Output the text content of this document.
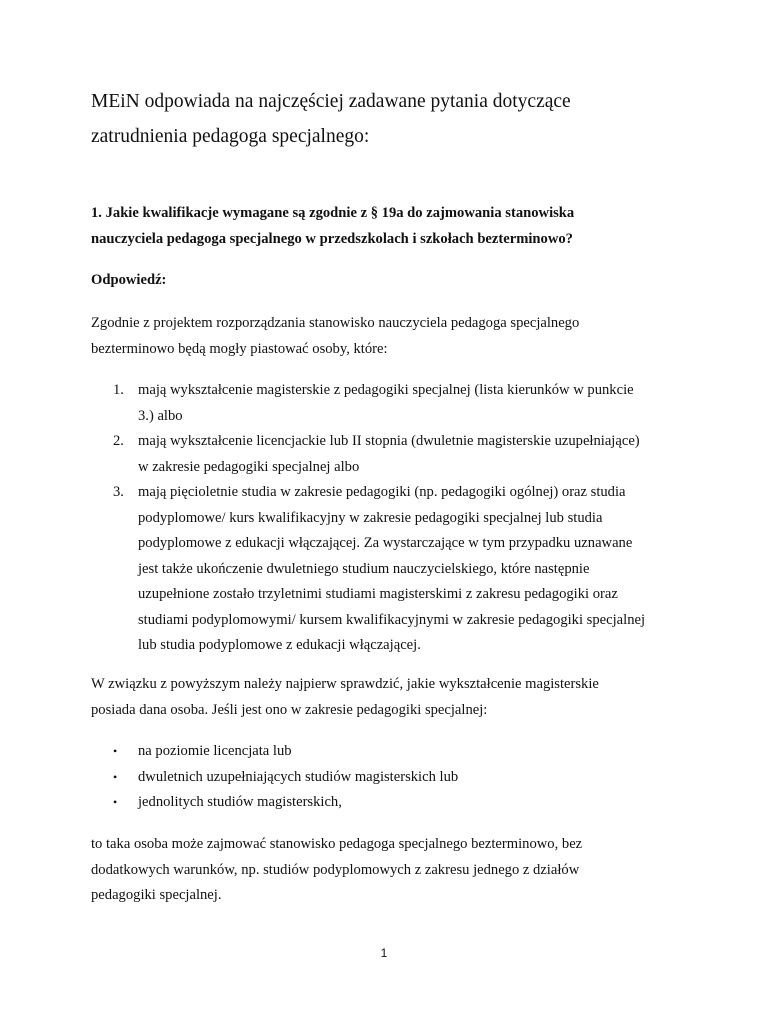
MEiN odpowiada na najczęściej zadawane pytania dotyczące
zatrudnienia pedagoga specjalnego:

1. Jakie kwalifikacje wymagane są zgodnie z § 19a do zajmowania stanowiska
nauczyciela pedagoga specjalnego w przedszkolach i szkołach bezterminowo?

Odpowiedź:

Zgodnie z projektem rozporządzania stanowisko nauczyciela pedagoga specjalnego
bezterminowo będą mogły piastować osoby, które:

1. mają wykształcenie magisterskie z pedagogiki specjalnej (lista kierunków w punkcie
3.) albo
2. mają wykształcenie licencjackie lub II stopnia (dwuletnie magisterskie uzupełniające)
w zakresie pedagogiki specjalnej albo
3. mają pięcioletnie studia w zakresie pedagogiki (np. pedagogiki ogólnej) oraz studia
podyplomowe/ kurs kwalifikacyjny w zakresie pedagogiki specjalnej lub studia
podyplomowe z edukacji włączającej. Za wystarczające w tym przypadku uznawane
jest także ukończenie dwuletniego studium nauczycielskiego, które następnie
uzupełnione zostało trzyletnimi studiami magisterskimi z zakresu pedagogiki oraz
studiami podyplomowymi/ kursem kwalifikacyjnymi w zakresie pedagogiki specjalnej
lub studia podyplomowe z edukacji włączającej.

W związku z powyższym należy najpierw sprawdzić, jakie wykształcenie magisterskie
posiada dana osoba. Jeśli jest ono w zakresie pedagogiki specjalnej:

• na poziomie licencjata lub
• dwuletnich uzupełniających studiów magisterskich lub
• jednolitych studiów magisterskich,

to taka osoba może zajmować stanowisko pedagoga specjalnego bezterminowo, bez
dodatkowych warunków, np. studiów podyplomowych z zakresu jednego z działów
pedagogiki specjalnej.

1
